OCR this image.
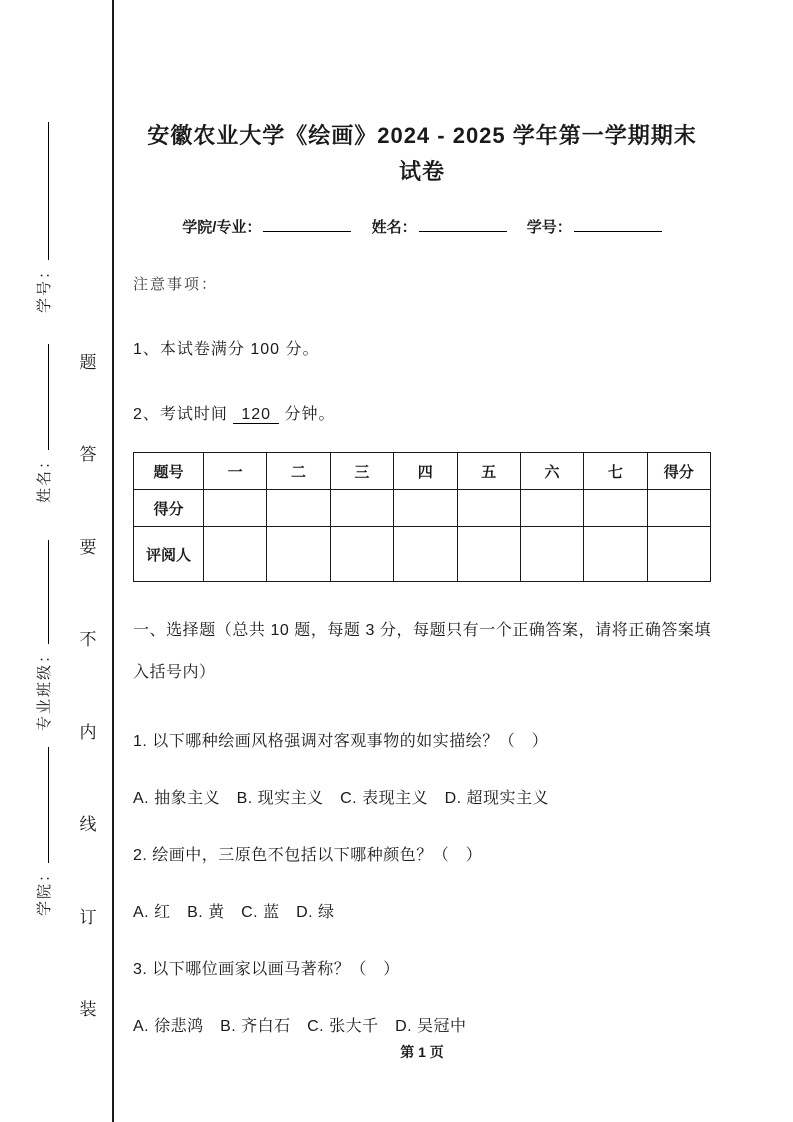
学号：
姓名：
专业班级：
学院：
题
答
要
不
内
线
订
装
安徽农业大学《绘画》2024 - 2025 学年第一学期期末
试卷
学院/专业：	姓名：	学号：
注意事项：
1、本试卷满分 100 分。
2、考试时间 120 分钟。
题号	一	二	三	四	五	六	七	得分
得分								
评阅人								
一、选择题（总共 10 题，每题 3 分，每题只有一个正确答案，请将正确答案填入括号内）
1. 以下哪种绘画风格强调对客观事物的如实描绘？（　）
A. 抽象主义　B. 现实主义　C. 表现主义　D. 超现实主义
2. 绘画中，三原色不包括以下哪种颜色？（　）
A. 红　B. 黄　C. 蓝　D. 绿
3. 以下哪位画家以画马著称？（　）
A. 徐悲鸿　B. 齐白石　C. 张大千　D. 吴冠中
第 1 页
